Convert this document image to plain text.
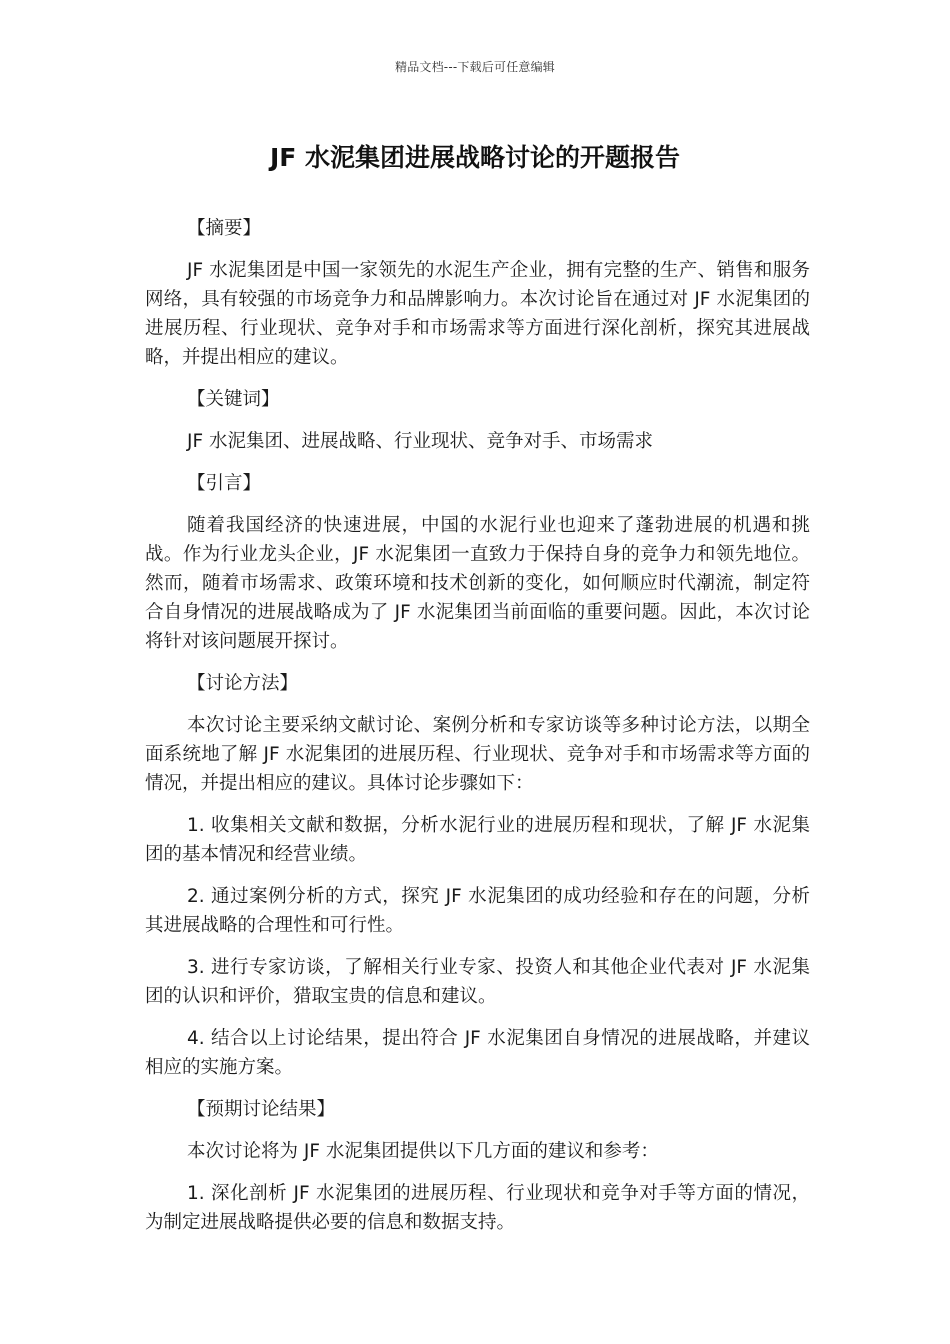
精品文档---下载后可任意编辑
JF 水泥集团进展战略讨论的开题报告
【摘要】

JF 水泥集团是中国一家领先的水泥生产企业，拥有完整的生产、销售和服务网络，具有较强的市场竞争力和品牌影响力。本次讨论旨在通过对 JF 水泥集团的进展历程、行业现状、竞争对手和市场需求等方面进行深化剖析，探究其进展战略，并提出相应的建议。

【关键词】

JF 水泥集团、进展战略、行业现状、竞争对手、市场需求

【引言】

随着我国经济的快速进展，中国的水泥行业也迎来了蓬勃进展的机遇和挑战。作为行业龙头企业，JF 水泥集团一直致力于保持自身的竞争力和领先地位。然而，随着市场需求、政策环境和技术创新的变化，如何顺应时代潮流，制定符合自身情况的进展战略成为了 JF 水泥集团当前面临的重要问题。因此，本次讨论将针对该问题展开探讨。

【讨论方法】

本次讨论主要采纳文献讨论、案例分析和专家访谈等多种讨论方法，以期全面系统地了解 JF 水泥集团的进展历程、行业现状、竞争对手和市场需求等方面的情况，并提出相应的建议。具体讨论步骤如下：

1. 收集相关文献和数据，分析水泥行业的进展历程和现状，了解 JF 水泥集团的基本情况和经营业绩。

2. 通过案例分析的方式，探究 JF 水泥集团的成功经验和存在的问题，分析其进展战略的合理性和可行性。

3. 进行专家访谈，了解相关行业专家、投资人和其他企业代表对 JF 水泥集团的认识和评价，猎取宝贵的信息和建议。

4. 结合以上讨论结果，提出符合 JF 水泥集团自身情况的进展战略，并建议相应的实施方案。

【预期讨论结果】

本次讨论将为 JF 水泥集团提供以下几方面的建议和参考：

1. 深化剖析 JF 水泥集团的进展历程、行业现状和竞争对手等方面的情况，为制定进展战略提供必要的信息和数据支持。
